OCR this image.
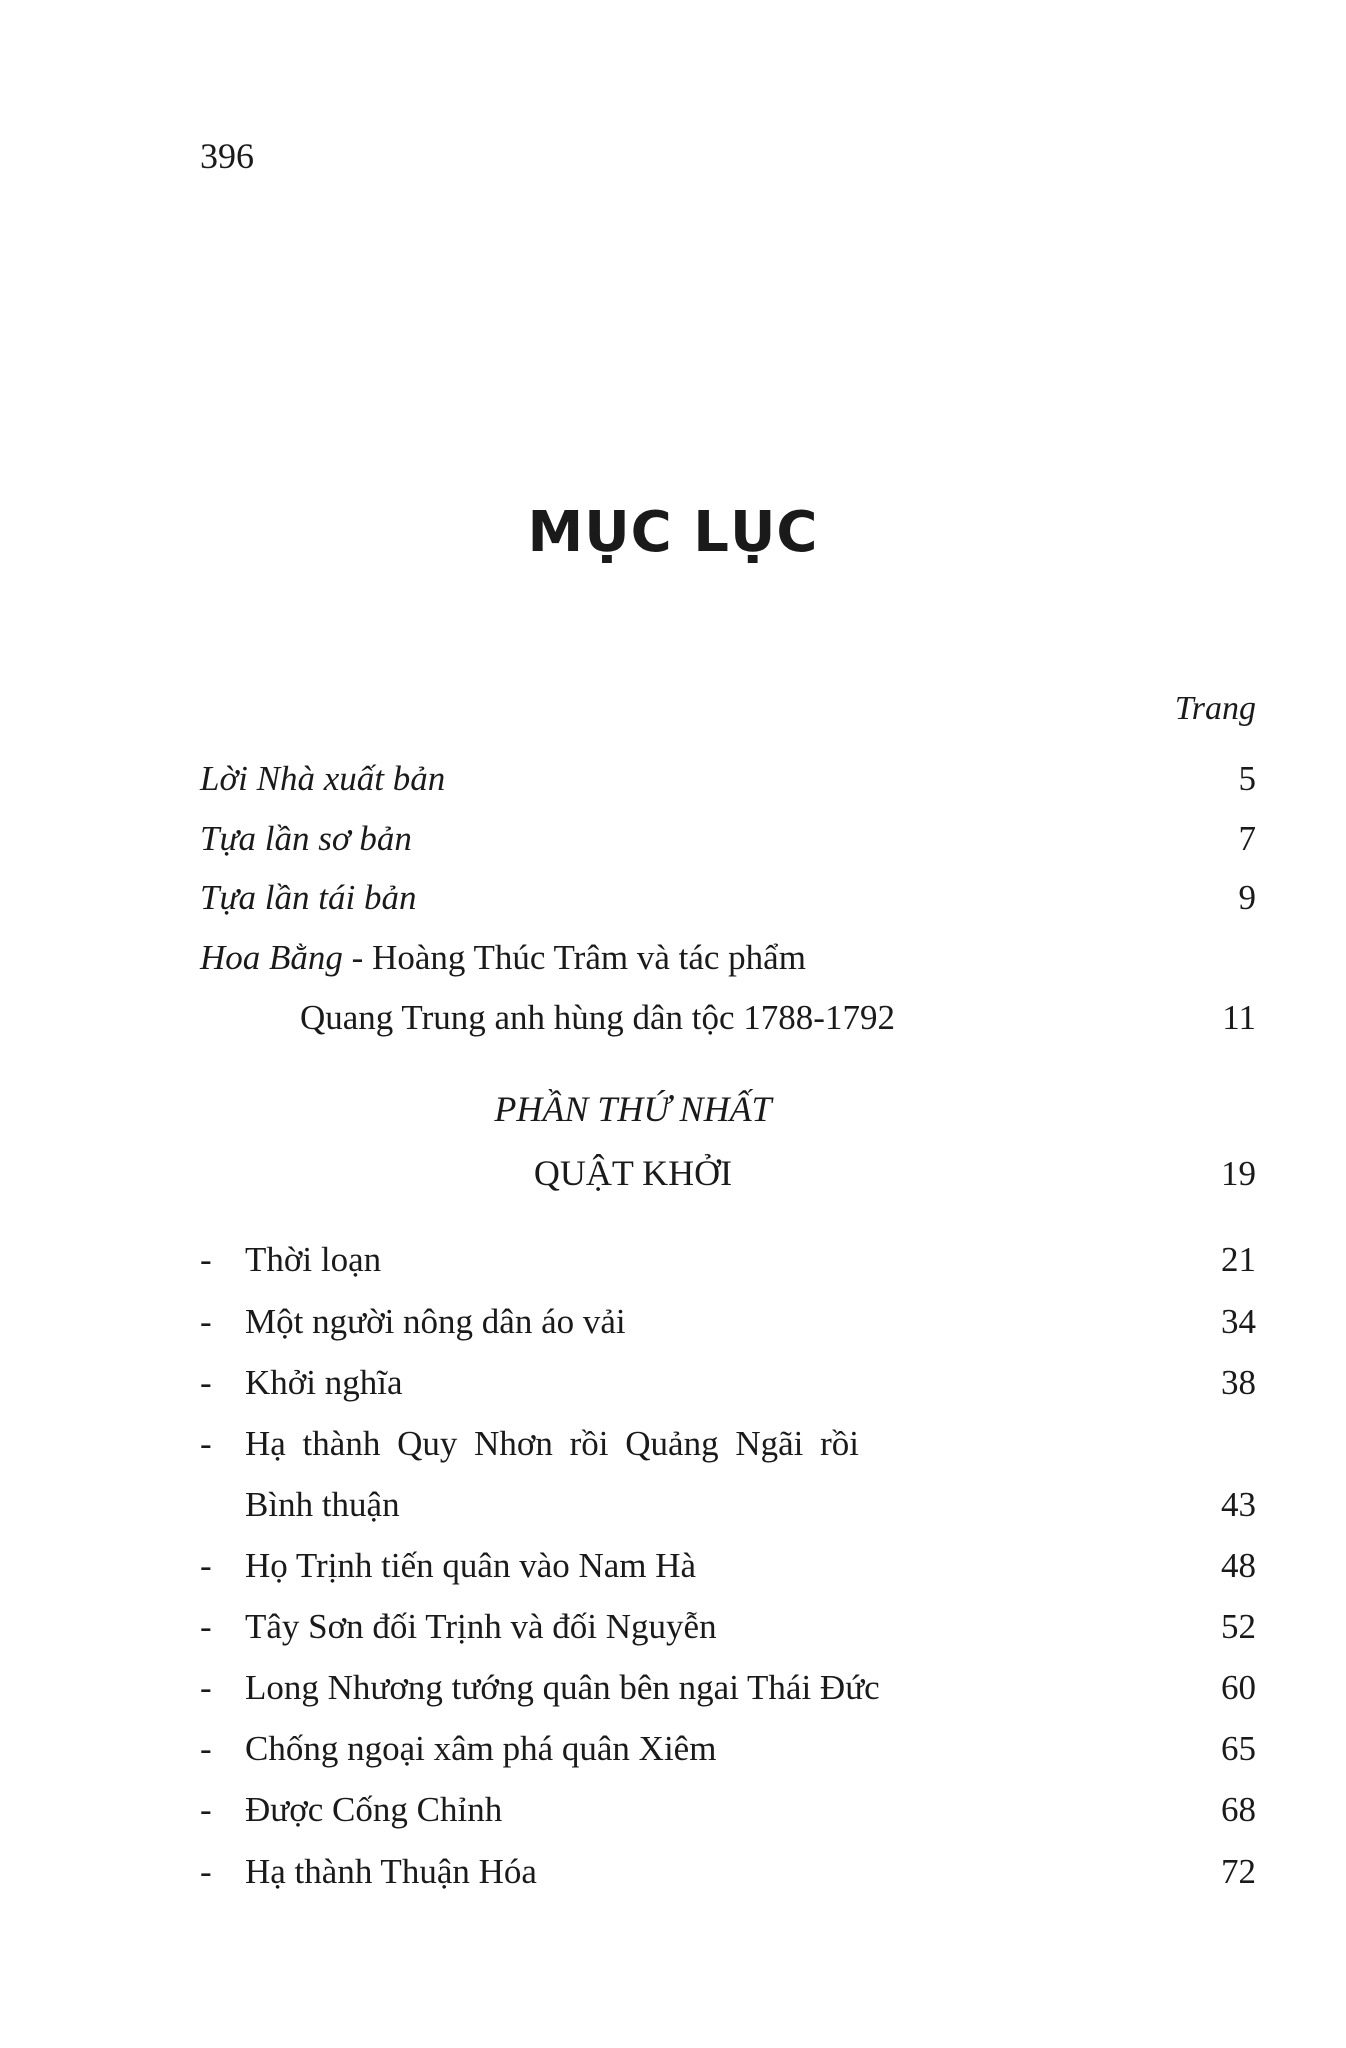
396
MỤC LỤC
Trang
Lời Nhà xuất bản	5
Tựa lần sơ bản	7
Tựa lần tái bản	9
Hoa Bằng - Hoàng Thúc Trâm và tác phẩm
Quang Trung anh hùng dân tộc 1788-1792	11
PHẦN THỨ NHẤT
QUẬT KHỞI	19
- Thời loạn	21
- Một người nông dân áo vải	34
- Khởi nghĩa	38
- Hạ thành Quy Nhơn rồi Quảng Ngãi rồi
Bình thuận	43
- Họ Trịnh tiến quân vào Nam Hà	48
- Tây Sơn đối Trịnh và đối Nguyễn	52
- Long Nhương tướng quân bên ngai Thái Đức	60
- Chống ngoại xâm phá quân Xiêm	65
- Được Cống Chỉnh	68
- Hạ thành Thuận Hóa	72
